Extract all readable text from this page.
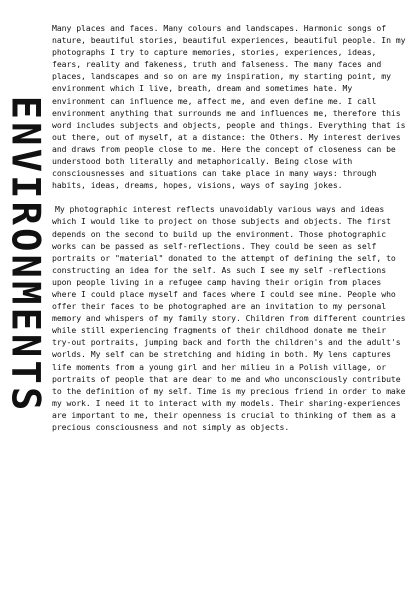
ENVIRONMENTS

Many places and faces. Many colours and landscapes. Harmonic songs of nature, beautiful stories, beautiful experiences, beautiful people. In my photographs I try to capture memories, stories, experiences, ideas, fears, reality and fakeness, truth and falseness. The many faces and places, landscapes and so on are my inspiration, my starting point, my environment which I live, breath, dream and sometimes hate. My environment can influence me, affect me, and even define me. I call environment anything that surrounds me and influences me, therefore this word includes subjects and objects, people and things. Everything that is out there, out of myself, at a distance: the Others. My interest derives and draws from people close to me. Here the concept of closeness can be understood both literally and metaphorically. Being close with consciousnesses and situations can take place in many ways: through habits, ideas, dreams, hopes, visions, ways of saying jokes.

My photographic interest reflects unavoidably various ways and ideas which I would like to project on those subjects and objects. The first depends on the second to build up the environment. Those photographic works can be passed as self-reflections. They could be seen as self portraits or "material" donated to the attempt of defining the self, to constructing an idea for the self. As such I see my self -reflections upon people living in a refugee camp having their origin from places where I could place myself and faces where I could see mine. People who offer their faces to be photographed are an invitation to my personal memory and whispers of my family story. Children from different countries while still experiencing fragments of their childhood donate me their try-out portraits, jumping back and forth the children's and the adult's worlds. My self can be stretching and hiding in both. My lens captures life moments from a young girl and her milieu in a Polish village, or portraits of people that are dear to me and who unconsciously contribute to the definition of my self. Time is my precious friend in order to make my work. I need it to interact with my models. Their sharing-experiences are important to me, their openness is crucial to thinking of them as a precious consciousness and not simply as objects.
